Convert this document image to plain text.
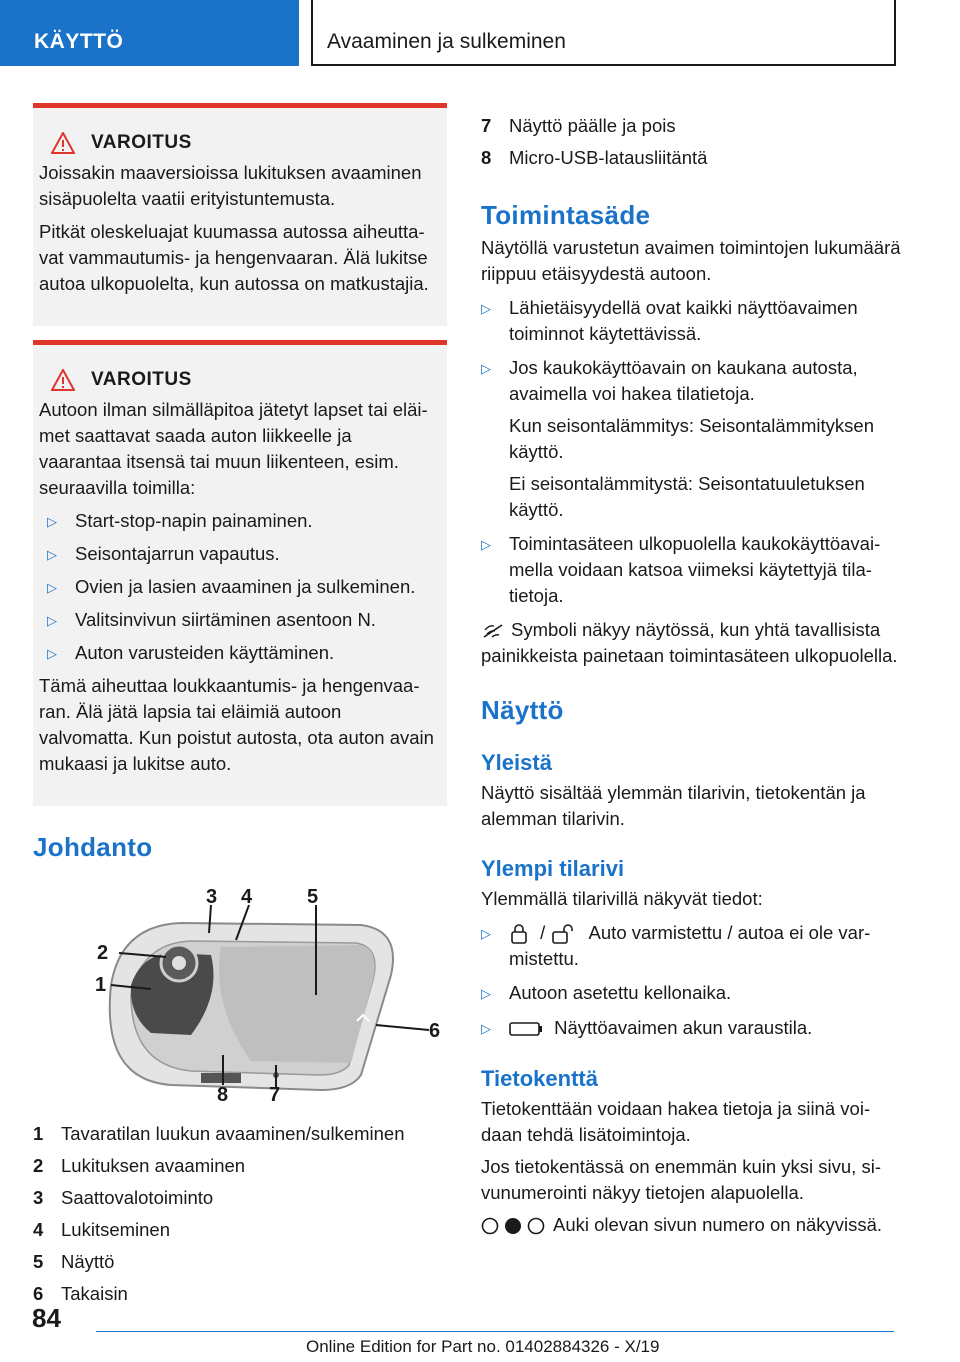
KÄYTTÖ	Avaaminen ja sulkeminen
VAROITUS

Joissakin maaversioissa lukituksen avaaminen sisäpuolelta vaatii erityistuntemusta.

Pitkät oleskeluajat kuumassa autossa aiheuttavat vammautumis- ja hengenvaaran. Älä lukitse autoa ulkopuolelta, kun autossa on matkustajia.

VAROITUS

Autoon ilman silmälläpitoa jätetyt lapset tai eläimet saattavat saada auton liikkeelle ja vaarantaa itsensä tai muun liikenteen, esim. seuraavilla toimilla:

▷ Start-stop-napin painaminen.
▷ Seisontajarrun vapautus.
▷ Ovien ja lasien avaaminen ja sulkeminen.
▷ Valitsinvivun siirtäminen asentoon N.
▷ Auton varusteiden käyttäminen.

Tämä aiheuttaa loukkaantumis- ja hengenvaaran. Älä jätä lapsia tai eläimiä autoon valvomatta. Kun poistut autosta, ota auton avain mukaasi ja lukitse auto.

Johdanto
3 4	5
2
1
6
8 7
1 Tavaratilan luukun avaaminen/sulkeminen
2 Lukituksen avaaminen
3 Saattovalotoiminto
4 Lukitseminen
5 Näyttö
6 Takaisin
7 Näyttö päälle ja pois
8 Micro-USB-latausliitäntä
Toimintasäde

Näytöllä varustetun avaimen toimintojen lukumäärä riippuu etäisyydestä autoon.

▷ Lähietäisyydellä ovat kaikki näyttöavaimen toiminnot käytettävissä.
▷ Jos kaukokäyttöavain on kaukana autosta, avaimella voi hakea tilatietoja.
Kun seisontalämmitys: Seisontalämmityksen käyttö.
Ei seisontalämmitystä: Seisontatuuletuksen käyttö.
▷ Toimintasäteen ulkopuolella kaukokäyttöavaimella voidaan katsoa viimeksi käytettyjä tilatietoja.

Symboli näkyy näytössä, kun yhtä tavallisista painikkeista painetaan toimintasäteen ulkopuolella.

Näyttö
Yleistä

Näyttö sisältää ylemmän tilarivin, tietokentän ja alemman tilarivin.

Ylempi tilarivi

Ylemmällä tilarivillä näkyvät tiedot:

▷	/ Auto varmistettu / autoa ei ole varmistettu.
▷ Autoon asetettu kellonaika.
▷	Näyttöavaimen akun varaustila.
Tietokenttä

Tietokenttään voidaan hakea tietoja ja siinä voidaan tehdä lisätoimintoja.

Jos tietokentässä on enemmän kuin yksi sivu, sivunumerointi näkyy tietojen alapuolella.

Auki olevan sivun numero on näkyvissä.

84
Online Edition for Part no. 01402884326 - X/19
